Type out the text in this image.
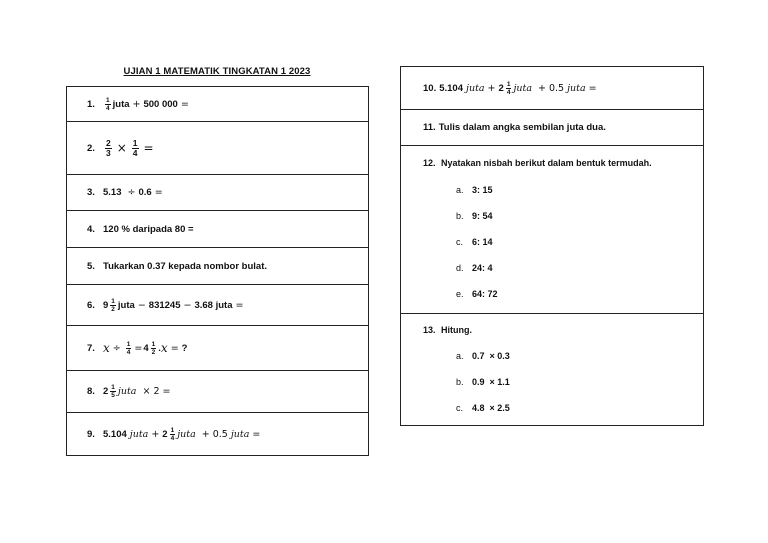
UJIAN 1 MATEMATIK TINGKATAN 1 2023
1.	$\frac{1}{4}$ juta + 500 000 =
2.	$\frac{2}{3} \times \frac{1}{4}$ =
3. 5.13 ÷ 0.6 =
4. 120 % daripada 80 =
5. Tukarkan 0.37 kepada nombor bulat.
6. $9 \frac{1}{2}$ juta − 831245 − 3.68 juta =
7. 𝑥 ÷ $\frac{1}{4} = 4 \frac{1}{2}$ . 𝑥 = ?
8. $2 \frac{1}{5}$ juta × 2 =
9. 5.104 juta + $2 \frac{1}{4}$ juta + 0.5 juta =
10. 5.104 juta + $2 \frac{1}{4}$ juta + 0.5 juta =
11. Tulis dalam angka sembilan juta dua.
12. Nyatakan nisbah berikut dalam bentuk termudah.
a. 3: 15
b. 9: 54
c. 6: 14
d. 24: 4
e. 64: 72
13. Hitung.
a. 0.7  × 0.3
b. 0.9  × 1.1
c. 4.8  × 2.5
